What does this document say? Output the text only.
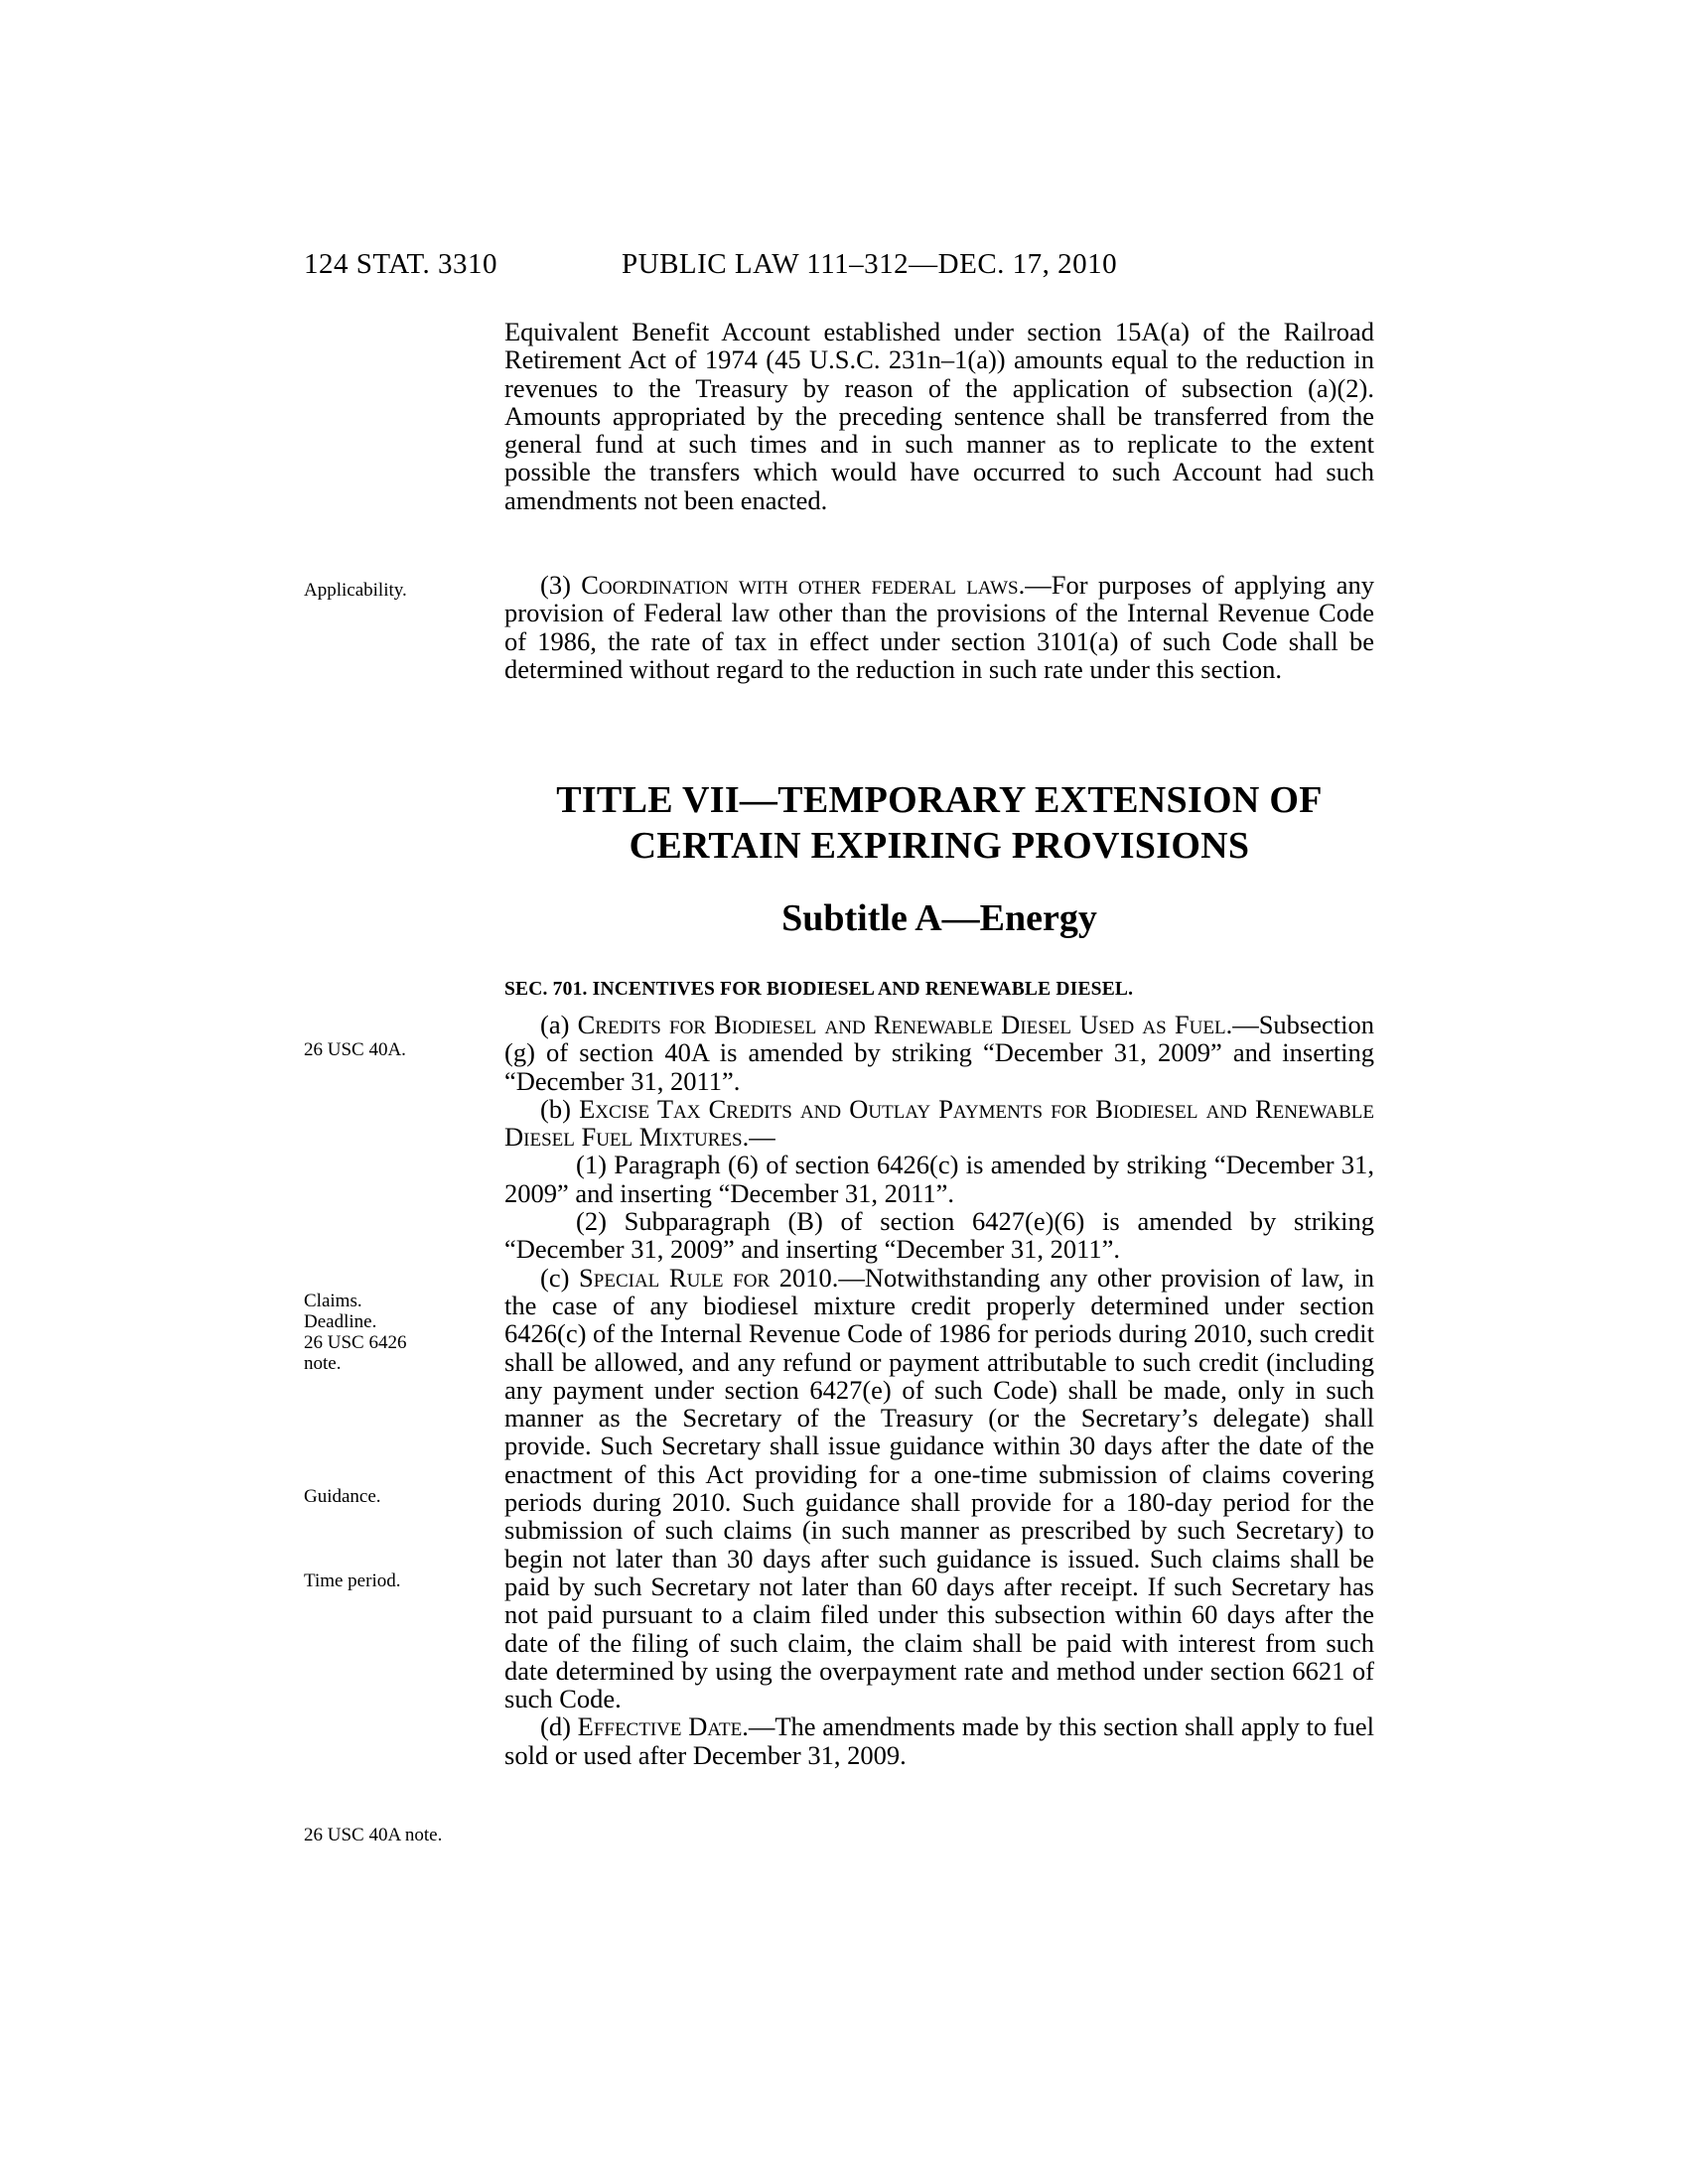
124 STAT. 3310	PUBLIC LAW 111–312—DEC. 17, 2010

Equivalent Benefit Account established under section 15A(a) of the Railroad Retirement Act of 1974 (45 U.S.C. 231n–1(a)) amounts equal to the reduction in revenues to the Treasury by reason of the application of subsection (a)(2). Amounts appropriated by the preceding sentence shall be transferred from the general fund at such times and in such manner as to replicate to the extent possible the transfers which would have occurred to such Account had such amendments not been enacted.

Applicability.	(3) Coordination with other federal laws.—For purposes of applying any provision of Federal law other than the provisions of the Internal Revenue Code of 1986, the rate of tax in effect under section 3101(a) of such Code shall be determined without regard to the reduction in such rate under this section.

TITLE VII—TEMPORARY EXTENSION OF
CERTAIN EXPIRING PROVISIONS
Subtitle A—Energy
SEC. 701. INCENTIVES FOR BIODIESEL AND RENEWABLE DIESEL.
26 USC 40A.

(a) Credits for Biodiesel and Renewable Diesel Used as Fuel.—Subsection (g) of section 40A is amended by striking “December 31, 2009” and inserting “December 31, 2011”.

(b) Excise Tax Credits and Outlay Payments for Biodiesel and Renewable Diesel Fuel Mixtures.—

(1) Paragraph (6) of section 6426(c) is amended by striking “December 31, 2009” and inserting “December 31, 2011”.

(2) Subparagraph (B) of section 6427(e)(6) is amended by striking “December 31, 2009” and inserting “December 31, 2011”.

(c) Special Rule for 2010.—Notwithstanding any other provision of law, in the case of any biodiesel mixture credit properly determined under section 6426(c) of the Internal Revenue Code of 1986 for periods during 2010, such credit shall be allowed, and any refund or payment attributable to such credit (including any payment under section 6427(e) of such Code) shall be made, only in such manner as the Secretary of the Treasury (or the Secretary’s delegate) shall provide. Such Secretary shall issue guidance within 30 days after the date of the enactment of this Act providing for a one-time submission of claims covering periods during 2010. Such guidance shall provide for a 180-day period for the submission of such claims (in such manner as prescribed by such Secretary) to begin not later than 30 days after such guidance is issued. Such claims shall be paid by such Secretary not later than 60 days after receipt. If such Secretary has not paid pursuant to a claim filed under this subsection within 60 days after the date of the filing of such claim, the claim shall be paid with interest from such date determined by using the overpayment rate and method under section 6621 of such Code.

(d) Effective Date.—The amendments made by this section shall apply to fuel sold or used after December 31, 2009.

Claims.
Deadline.
26 USC 6426 note.
Guidance.
Time period.
26 USC 40A note.
